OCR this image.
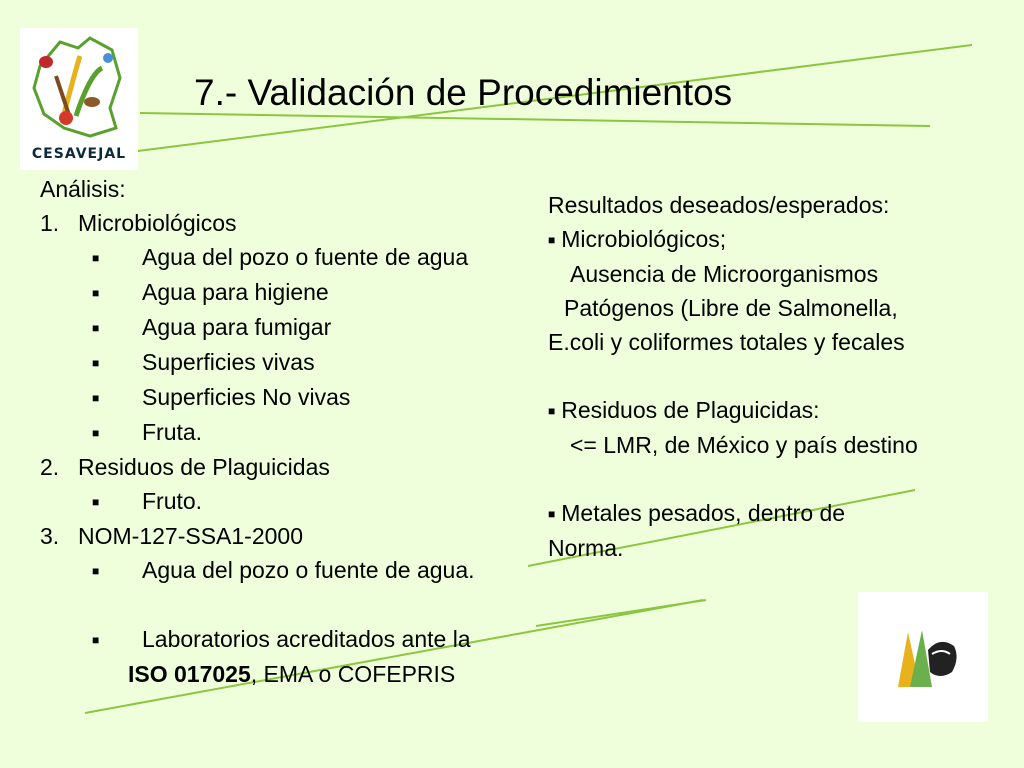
CESAVEJAL
7.- Validación de Procedimientos
Análisis:
1. Microbiológicos
■ Agua del pozo o fuente de agua
■ Agua para higiene
■ Agua para fumigar
■ Superficies vivas
■ Superficies No vivas
■ Fruta.
2. Residuos de Plaguicidas
■ Fruto.
3. NOM-127-SSA1-2000
■ Agua del pozo o fuente de agua.
■ Laboratorios acreditados ante la
ISO 017025, EMA o COFEPRIS
Resultados deseados/esperados:
■ Microbiológicos;
Ausencia de Microorganismos
Patógenos (Libre de Salmonella,
E.coli y coliformes totales y fecales
■ Residuos de Plaguicidas:
<= LMR, de México y país destino
■ Metales pesados, dentro de
Norma.
